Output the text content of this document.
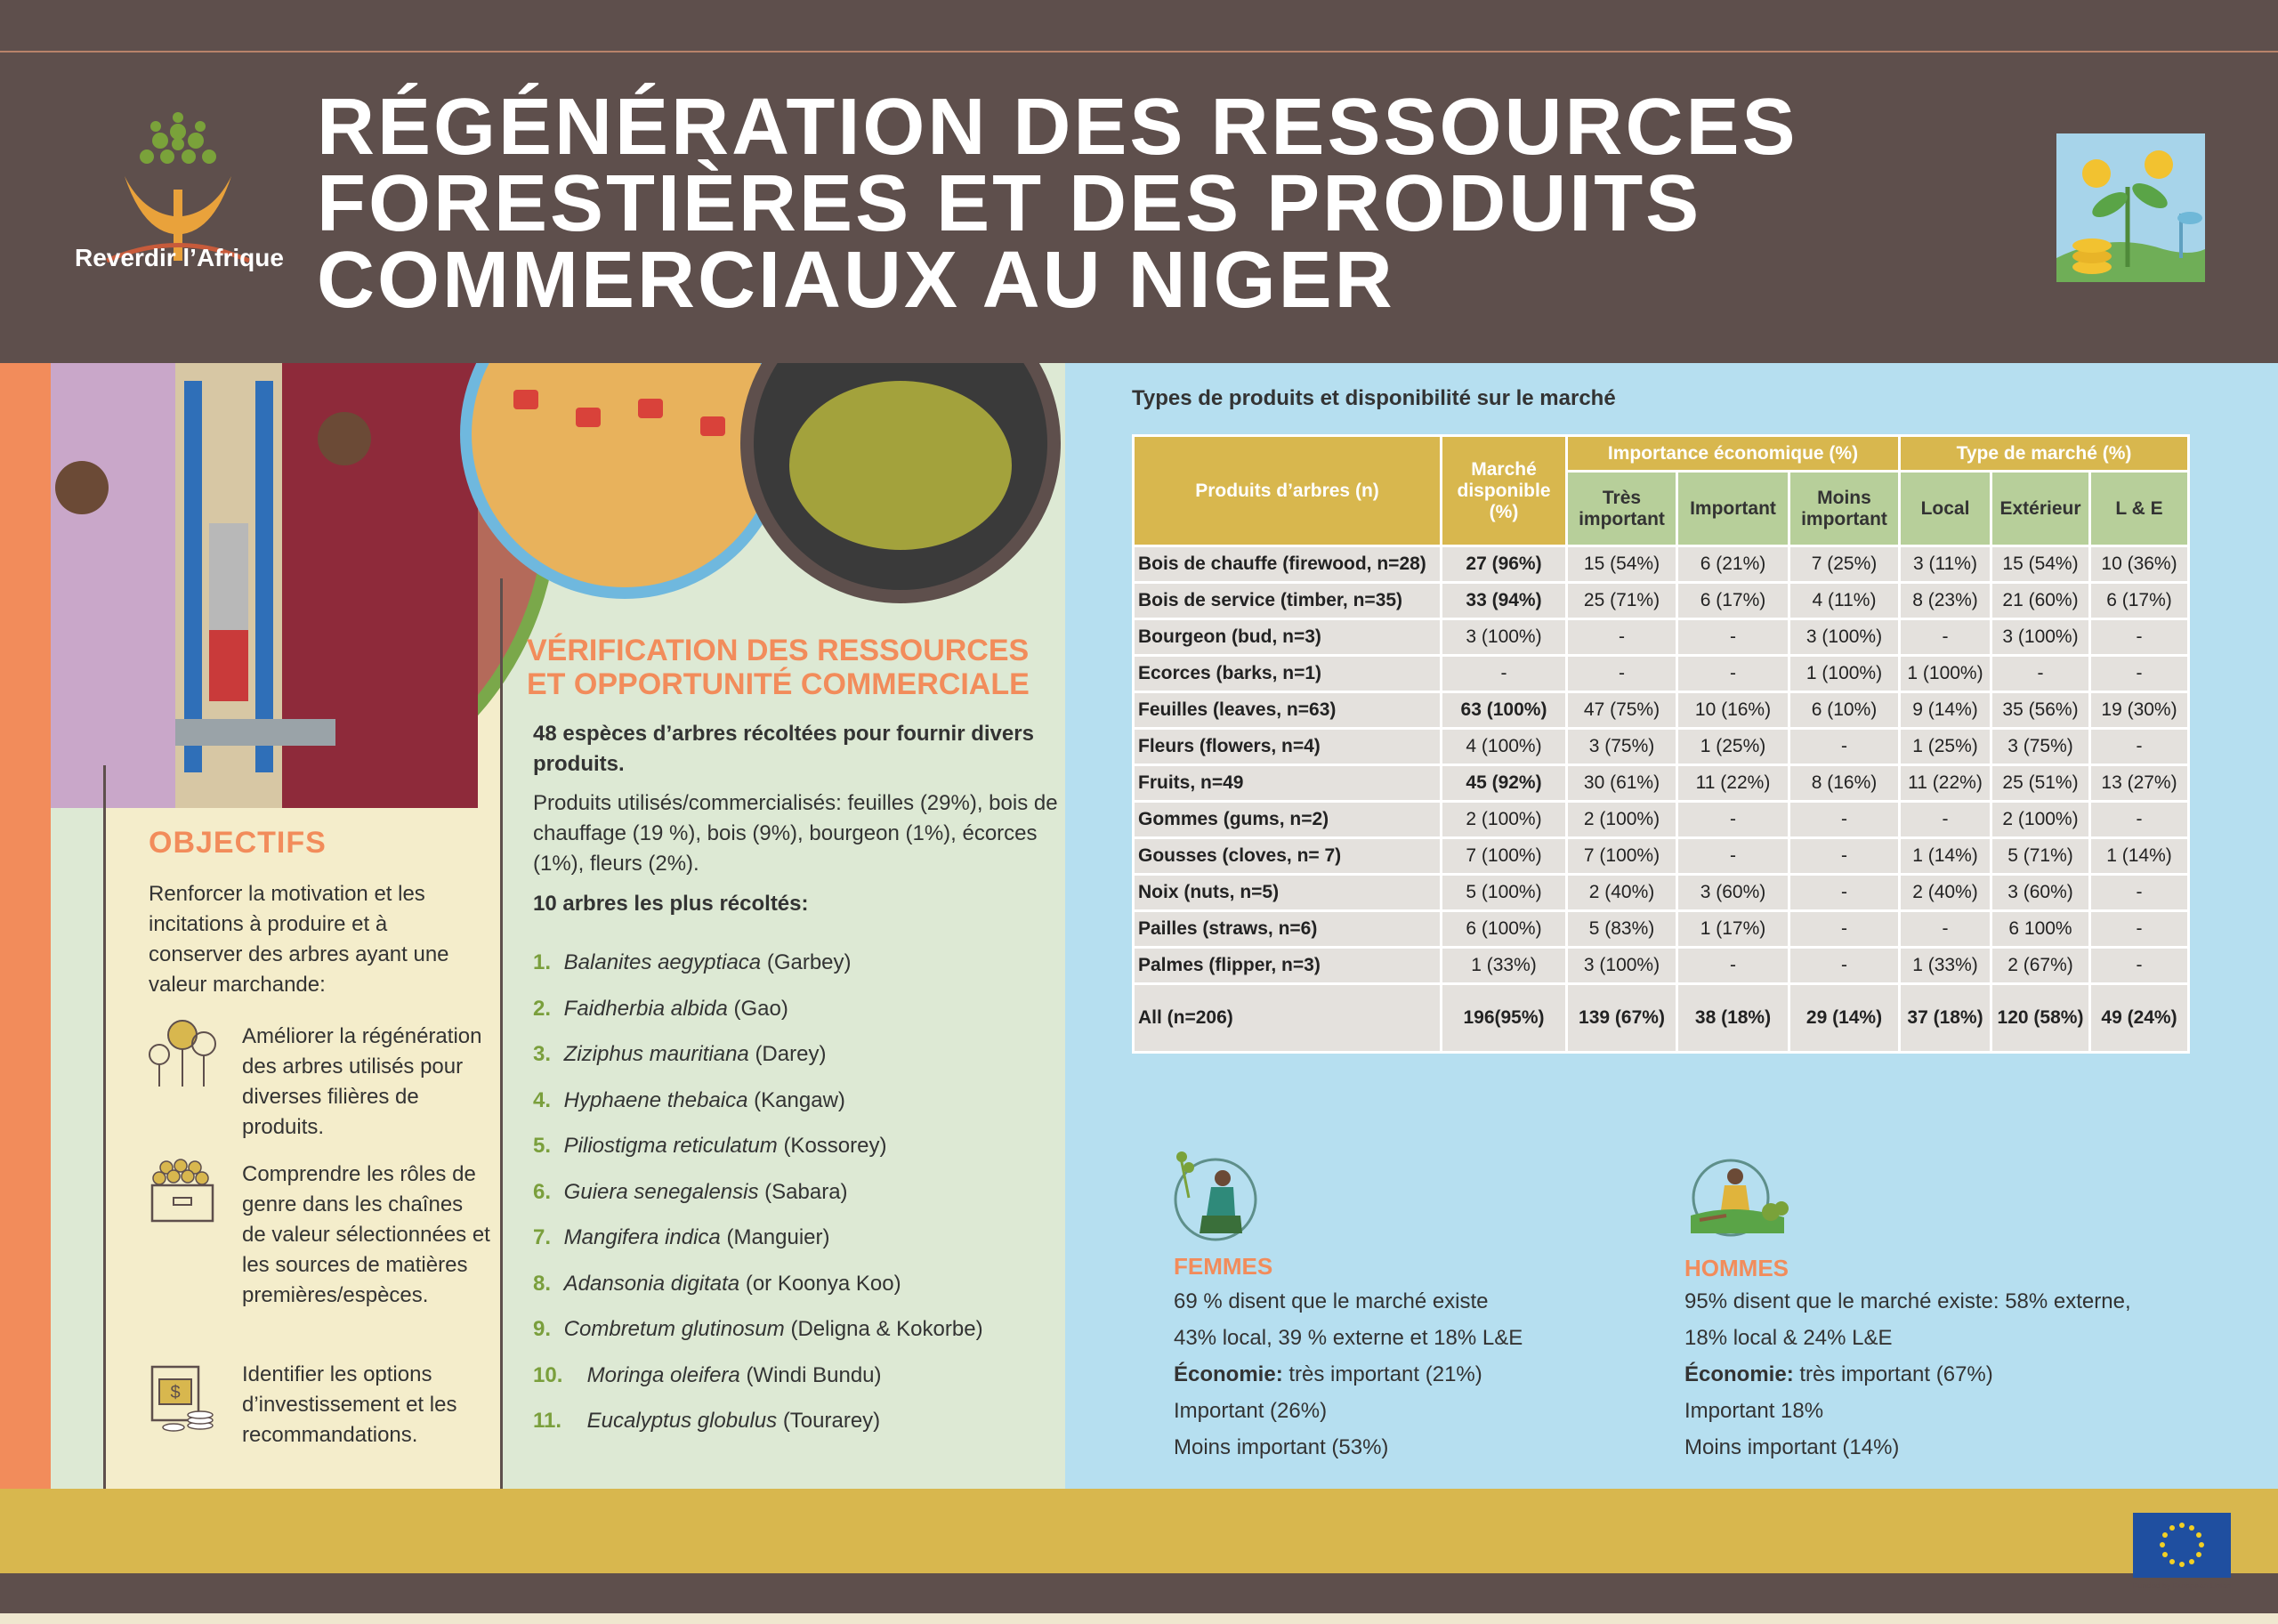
Reverdir l’Afrique
RÉGÉNÉRATION DES RESSOURCES
FORESTIÈRES ET DES PRODUITS
COMMERCIAUX AU NIGER
OBJECTIFS
Renforcer la motivation et les incitations à produire et à conserver des arbres ayant une valeur marchande:
Améliorer la régénération des arbres utilisés pour diverses filières de produits.
Comprendre les rôles de genre dans les chaînes de valeur sélectionnées et les sources de matières premières/espèces.
$
Identifier les options d’investissement et les recommandations.
VÉRIFICATION DES RESSOURCES
ET OPPORTUNITÉ COMMERCIALE
48 espèces d’arbres récoltées pour fournir divers produits.
Produits utilisés/commercialisés: feuilles (29%), bois de chauffage (19 %), bois (9%), bourgeon (1%), écorces (1%), fleurs (2%).
10 arbres les plus récoltés:
1. Balanites aegyptiaca (Garbey)
2. Faidherbia albida (Gao)
3. Ziziphus mauritiana (Darey)
4. Hyphaene thebaica (Kangaw)
5. Piliostigma reticulatum (Kossorey)
6. Guiera senegalensis (Sabara)
7. Mangifera indica (Manguier)
8. Adansonia digitata (or Koonya Koo)
9. Combretum glutinosum (Deligna & Kokorbe)
10. Moringa oleifera (Windi Bundu)
11. Eucalyptus globulus (Tourarey)
Types de produits et disponibilité sur le marché
Produits d’arbres (n)	Marché disponible (%)	Importance économique (%)			Type de marché (%)		
		Très important	Important	Moins important	Local	Extérieur	L & E
Bois de chauffe (firewood, n=28)	27 (96%)	15 (54%)	6 (21%)	7 (25%)	3 (11%)	15 (54%)	10 (36%)
Bois de service (timber, n=35)	33 (94%)	25 (71%)	6 (17%)	4 (11%)	8 (23%)	21 (60%)	6 (17%)
Bourgeon (bud, n=3)	3 (100%)	-	-	3 (100%)	-	3 (100%)	-
Ecorces (barks, n=1)	-	-	-	1 (100%)	1 (100%)	-	-
Feuilles (leaves, n=63)	63 (100%)	47 (75%)	10 (16%)	6 (10%)	9 (14%)	35 (56%)	19 (30%)
Fleurs (flowers, n=4)	4 (100%)	3 (75%)	1 (25%)	-	1 (25%)	3 (75%)	-
Fruits, n=49	45 (92%)	30 (61%)	11 (22%)	8 (16%)	11 (22%)	25 (51%)	13 (27%)
Gommes (gums, n=2)	2 (100%)	2 (100%)	-	-	-	2 (100%)	-
Gousses (cloves, n= 7)	7 (100%)	7 (100%)	-	-	1 (14%)	5 (71%)	1 (14%)
Noix (nuts, n=5)	5 (100%)	2 (40%)	3 (60%)	-	2 (40%)	3 (60%)	-
Pailles (straws, n=6)	6 (100%)	5 (83%)	1 (17%)	-	-	6 100%	-
Palmes (flipper, n=3)	1 (33%)	3 (100%)	-	-	1 (33%)	2 (67%)	-
All (n=206)	196(95%)	139 (67%)	38 (18%)	29 (14%)	37 (18%)	120 (58%)	49 (24%)
FEMMES
69 % disent que le marché existe
43% local, 39 % externe et 18% L&E
Économie: très important (21%)
Important (26%)
Moins important (53%)
HOMMES
95% disent que le marché existe: 58% externe,
18% local & 24% L&E
Économie: très important (67%)
Important 18%
Moins important (14%)
Funded by European Union
